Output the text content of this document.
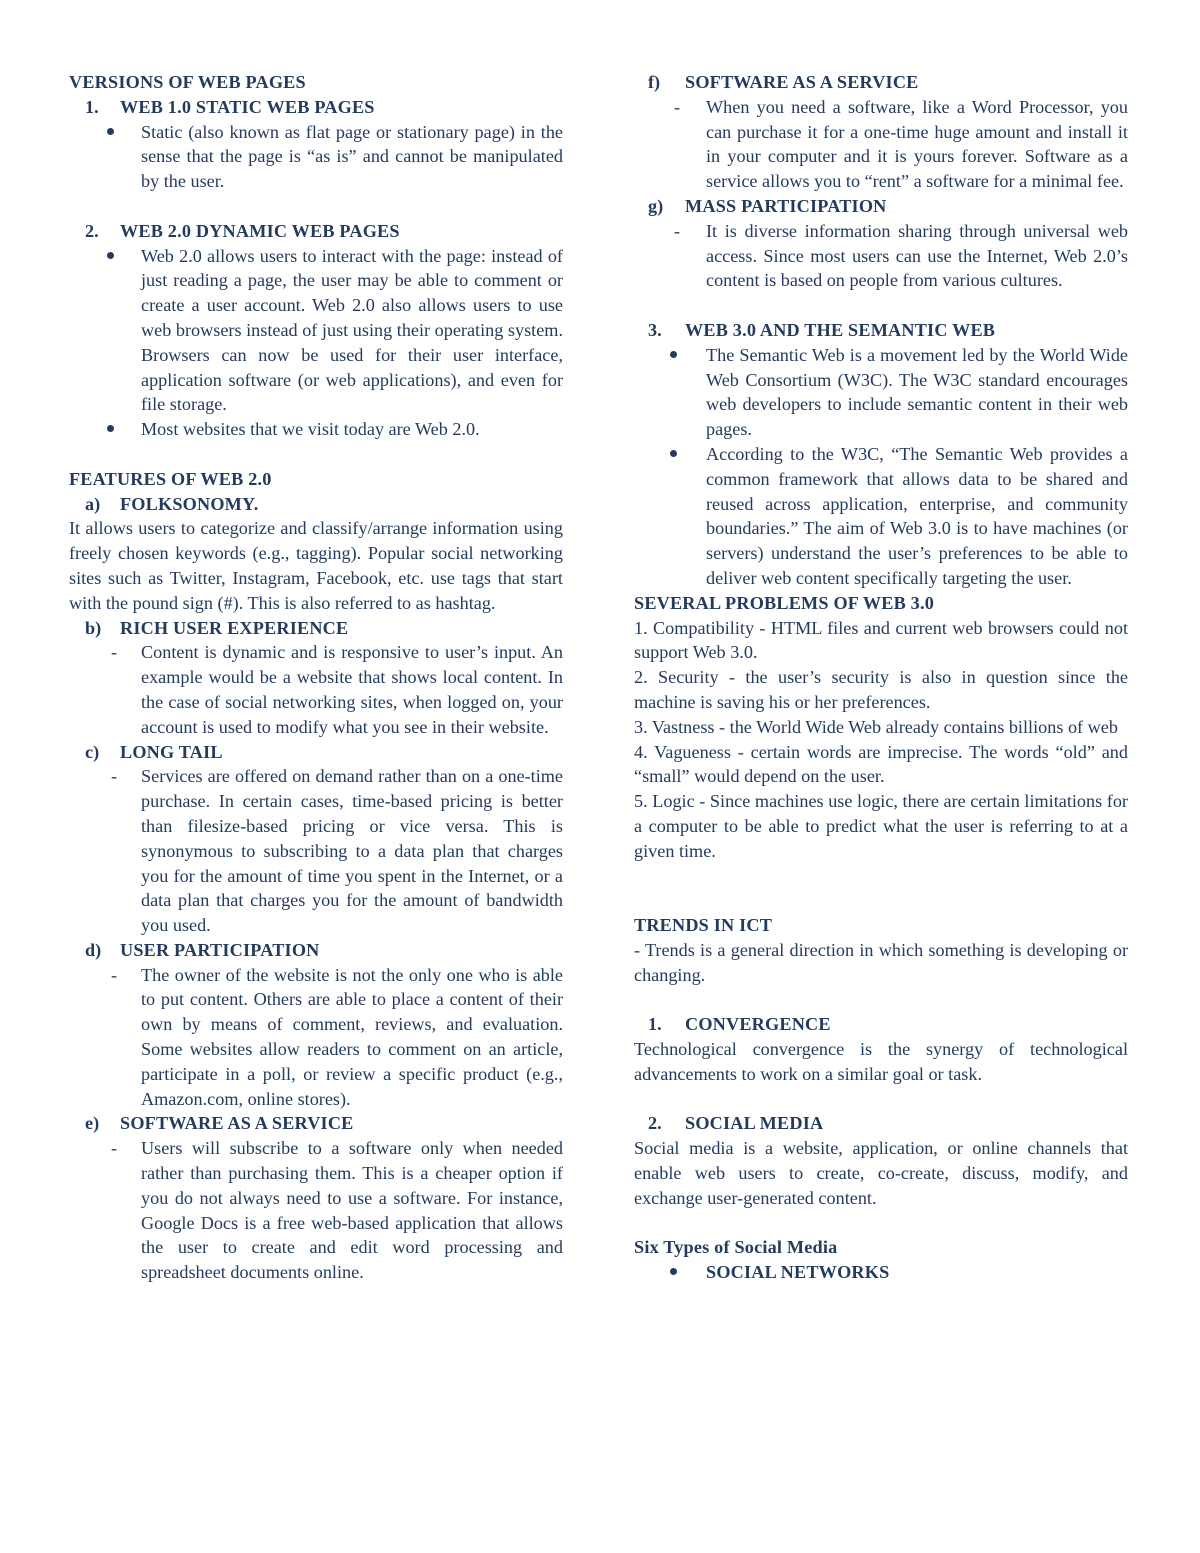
VERSIONS OF WEB PAGES

1.	WEB 1.0 STATIC WEB PAGES
Static (also known as flat page or stationary page) in the sense that the page is “as is” and cannot be manipulated by the user.
2.	WEB 2.0 DYNAMIC WEB PAGES
Web 2.0 allows users to interact with the page: instead of just reading a page, the user may be able to comment or create a user account. Web 2.0 also allows users to use web browsers instead of just using their operating system. Browsers can now be used for their user interface, application software (or web applications), and even for file storage.
Most websites that we visit today are Web 2.0.

FEATURES OF WEB 2.0

a)	FOLKSONOMY.

It allows users to categorize and classify/arrange information using freely chosen keywords (e.g., tagging). Popular social networking sites such as Twitter, Instagram, Facebook, etc. use tags that start with the pound sign (#). This is also referred to as hashtag.

b)	RICH USER EXPERIENCE
-	Content is dynamic and is responsive to user’s input. An example would be a website that shows local content. In the case of social networking sites, when logged on, your account is used to modify what you see in their website.
c)	LONG TAIL
-	Services are offered on demand rather than on a one-time purchase. In certain cases, time-based pricing is better than filesize-based pricing or vice versa. This is synonymous to subscribing to a data plan that charges you for the amount of time you spent in the Internet, or a data plan that charges you for the amount of bandwidth you used.
d)	USER PARTICIPATION
-	The owner of the website is not the only one who is able to put content. Others are able to place a content of their own by means of comment, reviews, and evaluation. Some websites allow readers to comment on an article, participate in a poll, or review a specific product (e.g., Amazon.com, online stores).
e)	SOFTWARE AS A SERVICE
-	Users will subscribe to a software only when needed rather than purchasing them. This is a cheaper option if you do not always need to use a software. For instance, Google Docs is a free web-based application that allows the user to create and edit word processing and spreadsheet documents online.
f)	SOFTWARE AS A SERVICE
-	When you need a software, like a Word Processor, you can purchase it for a one-time huge amount and install it in your computer and it is yours forever. Software as a service allows you to “rent” a software for a minimal fee.
g)	MASS PARTICIPATION
-	It is diverse information sharing through universal web access. Since most users can use the Internet, Web 2.0’s content is based on people from various cultures.
3.	WEB 3.0 AND THE SEMANTIC WEB
The Semantic Web is a movement led by the World Wide Web Consortium (W3C). The W3C standard encourages web developers to include semantic content in their web pages.
According to the W3C, “The Semantic Web provides a common framework that allows data to be shared and reused across application, enterprise, and community boundaries.” The aim of Web 3.0 is to have machines (or servers) understand the user’s preferences to be able to deliver web content specifically targeting the user.

SEVERAL PROBLEMS OF WEB 3.0

1. Compatibility - HTML files and current web browsers could not support Web 3.0.

2. Security - the user’s security is also in question since the machine is saving his or her preferences.

3. Vastness - the World Wide Web already contains billions of web

4. Vagueness - certain words are imprecise. The words “old” and “small” would depend on the user.

5. Logic - Since machines use logic, there are certain limitations for a computer to be able to predict what the user is referring to at a given time.

TRENDS IN ICT

- Trends is a general direction in which something is developing or changing.

1.	CONVERGENCE

Technological convergence is the synergy of technological advancements to work on a similar goal or task.

2.	SOCIAL MEDIA

Social media is a website, application, or online channels that enable web users to create, co-create, discuss, modify, and exchange user-generated content.

Six Types of Social Media

SOCIAL NETWORKS
